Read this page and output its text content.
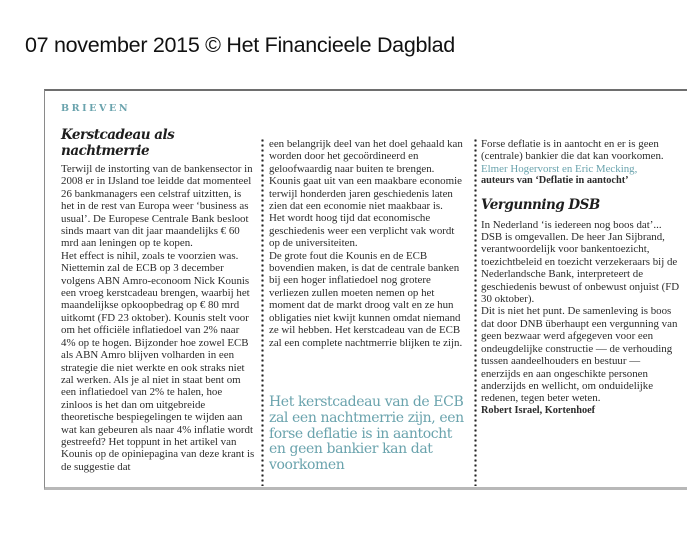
07 november 2015 © Het Financieele Dagblad
BRIEVEN
Kerstcadeau als nachtmerrie

Terwijl de instorting van de bankensector in 2008 er in IJsland toe leidde dat momenteel 26 bankmanagers een celstraf uitzitten, is het in de rest van Europa weer ‘business as usual’. De Europese Centrale Bank besloot sinds maart van dit jaar maandelijks € 60 mrd aan leningen op te kopen.

Het effect is nihil, zoals te voorzien was. Niettemin zal de ECB op 3 december volgens ABN Amro-econoom Nick Kounis een vroeg kerstcadeau brengen, waarbij het maandelijkse opkoopbedrag op € 80 mrd uitkomt (FD 23 oktober). Kounis stelt voor om het officiële inflatiedoel van 2% naar 4% op te hogen. Bijzonder hoe zowel ECB als ABN Amro blijven volharden in een strategie die niet werkte en ook straks niet zal werken. Als je al niet in staat bent om een inflatiedoel van 2% te halen, hoe zinloos is het dan om uitgebreide theoretische bespiegelingen te wijden aan wat kan gebeuren als naar 4% inflatie wordt gestreefd? Het toppunt in het artikel van Kounis op de opiniepagina van deze krant is de suggestie dat

een belangrijk deel van het doel gehaald kan worden door het gecoördineerd en geloofwaardig naar buiten te brengen. Kounis gaat uit van een maakbare economie terwijl honderden jaren geschiedenis laten zien dat een economie niet maakbaar is.

Het wordt hoog tijd dat economische geschiedenis weer een verplicht vak wordt op de universiteiten.

De grote fout die Kounis en de ECB bovendien maken, is dat de centrale banken bij een hoger inflatiedoel nog grotere verliezen zullen moeten nemen op het moment dat de markt droog valt en ze hun obligaties niet kwijt kunnen omdat niemand ze wil hebben. Het kerstcadeau van de ECB zal een complete nachtmerrie blijken te zijn.

Het kerstcadeau van de ECB zal een nachtmerrie zijn, een forse deflatie is in aantocht en geen bankier kan dat voorkomen

Forse deflatie is in aantocht en er is geen (centrale) bankier die dat kan voorkomen.

Elmer Hogervorst en Eric Mecking,

auteurs van ‘Deflatie in aantocht’

Vergunning DSB

In Nederland ‘is iedereen nog boos dat’... DSB is omgevallen. De heer Jan Sijbrand, verantwoordelijk voor bankentoezicht, toezichtbeleid en toezicht verzekeraars bij de Nederlandsche Bank, interpreteert de geschiedenis bewust of onbewust onjuist (FD 30 oktober).

Dit is niet het punt. De samenleving is boos dat door DNB überhaupt een vergunning van geen bezwaar werd afgegeven voor een ondeugdelijke constructie — de verhouding tussen aandeelhouders en bestuur — enerzijds en aan ongeschikte personen anderzijds en wellicht, om onduidelijke redenen, tegen beter weten.

Robert Israel, Kortenhoef
